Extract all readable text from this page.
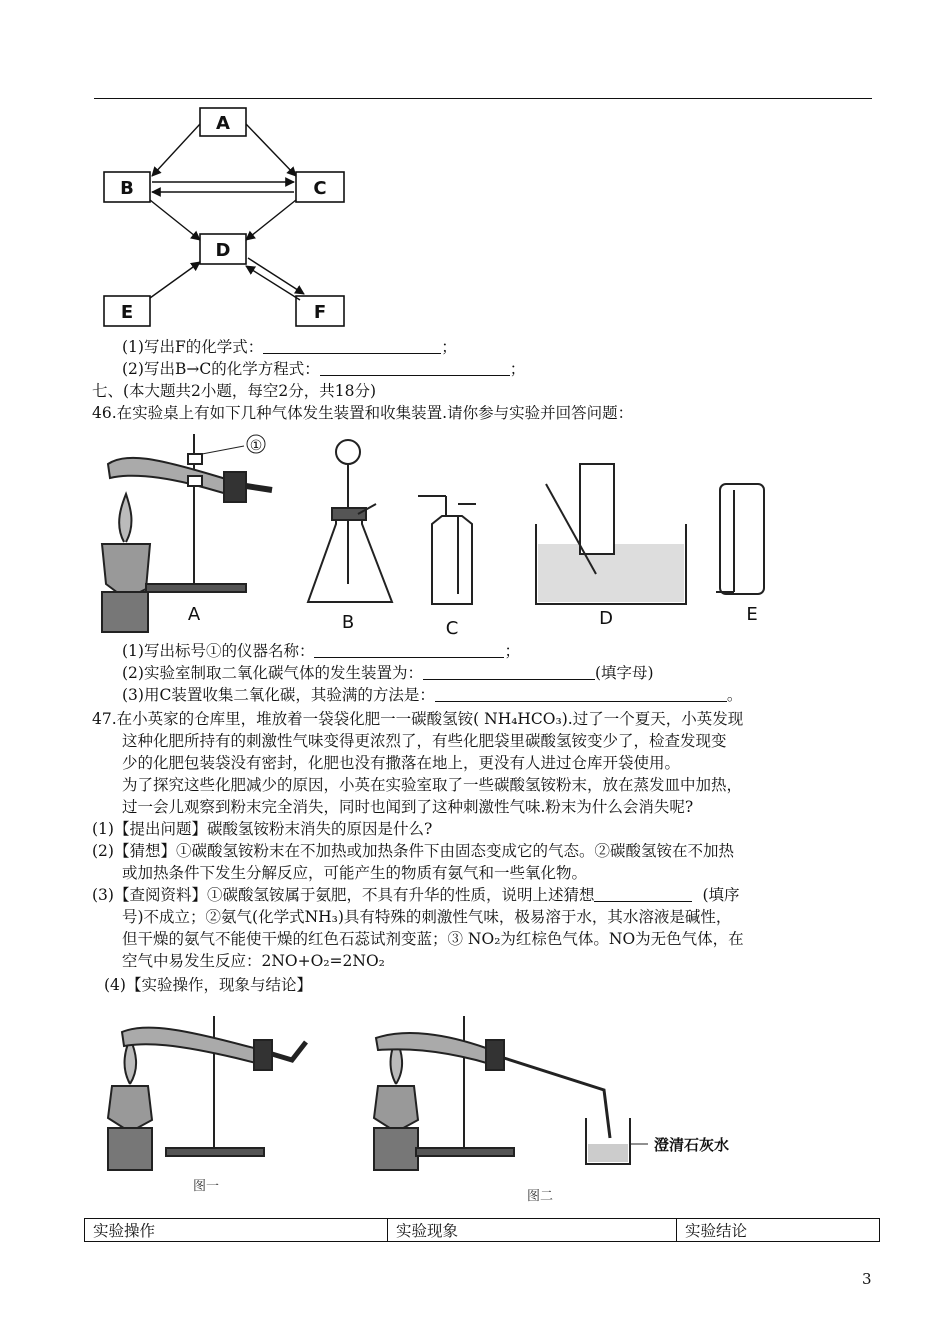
A
B	C
D
E	F
(1)写出F的化学式：	；
(2)写出B→C的化学方程式：	；
七、(本大题共2小题，每空2分，共18分)
46.在实验桌上有如下几种气体发生装置和收集装置.请你参与实验并回答问题：
①
A	B	C	D	E
(1)写出标号①的仪器名称：	；
(2)实验室制取二氧化碳气体的发生装置为：	(填字母)
(3)用C装置收集二氧化碳，其验满的方法是：	。
47.在小英家的仓库里，堆放着一袋袋化肥一一碳酸氢铵( NH₄HCO₃).过了一个夏天，小英发现
这种化肥所持有的刺激性气味变得更浓烈了，有些化肥袋里碳酸氢铵变少了，检查发现变
少的化肥包装袋没有密封，化肥也没有撒落在地上，更没有人进过仓库开袋使用。
为了探究这些化肥减少的原因，小英在实验室取了一些碳酸氢铵粉末，放在蒸发皿中加热，
过一会儿观察到粉末完全消失，同时也闻到了这种刺激性气味.粉末为什么会消失呢?
(1)【提出问题】碳酸氢铵粉末消失的原因是什么?
(2)【猜想】①碳酸氢铵粉末在不加热或加热条件下由固态变成它的气态。②碳酸氢铵在不加热
或加热条件下发生分解反应，可能产生的物质有氨气和一些氧化物。
(3)【查阅资料】①碳酸氢铵属于氨肥，不具有升华的性质，说明上述猜想	(填序
号)不成立；②氨气(化学式NH₃)具有特殊的刺激性气味，极易溶于水，其水溶液是碱性，
但干燥的氨气不能使干燥的红色石蕊试剂变蓝；③ NO₂为红棕色气体。NO为无色气体，在
空气中易发生反应：2NO+O₂=2NO₂
(4)【实验操作，现象与结论】
图一
图二
澄清石灰水
实验操作	实验现象	实验结论
3
